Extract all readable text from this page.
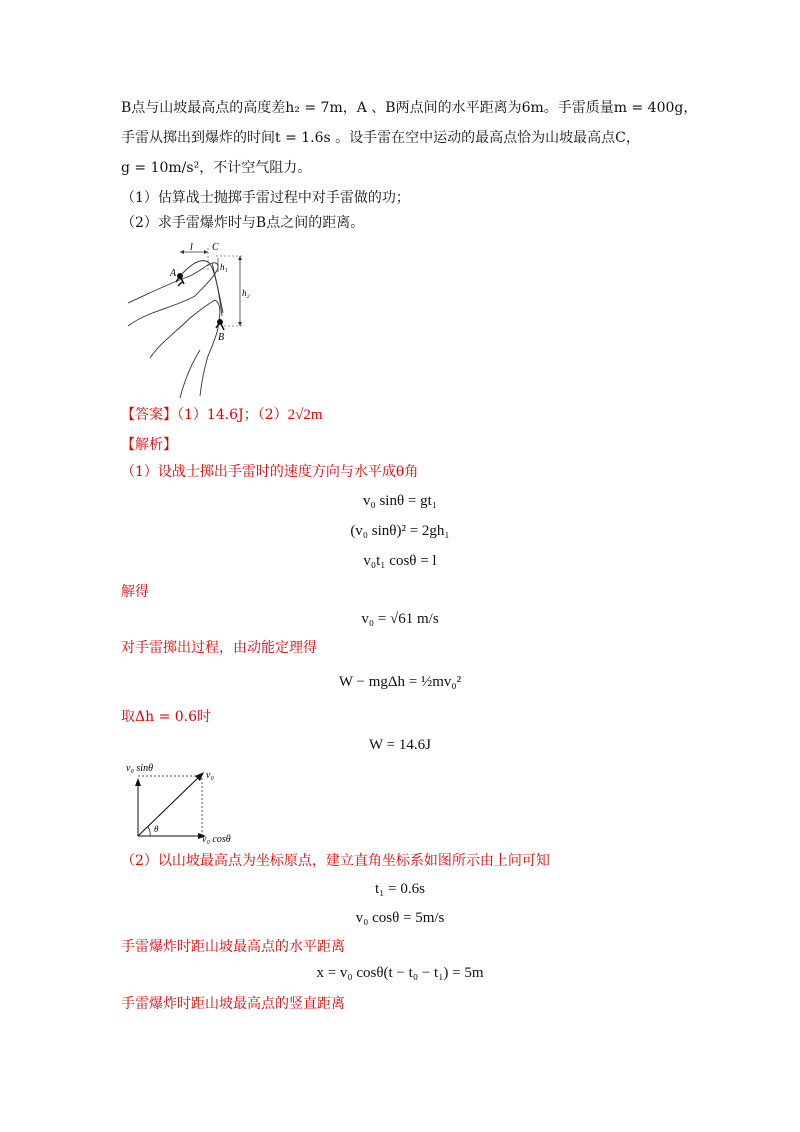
B点与山坡最高点的高度差h₂ = 7m，A 、B两点间的水平距离为6m。手雷质量m = 400g，
手雷从掷出到爆炸的时间t = 1.6s 。设手雷在空中运动的最高点恰为山坡最高点C，
g = 10m/s²，不计空气阻力。
（1）估算战士抛掷手雷过程中对手雷做的功；
（2）求手雷爆炸时与B点之间的距离。
l C
A
h₁
h₂
B
【答案】（1）14.6J；（2）2√2m
【解析】
（1）设战士掷出手雷时的速度方向与水平成θ角
v₀ sinθ = gt₁
(v₀ sinθ)² = 2gh₁
v₀t₁ cosθ = l
解得
v₀ = √61 m/s
对手雷掷出过程，由动能定理得
W − mgΔh = ½mv₀²
取Δh = 0.6时
W = 14.6J
v₀ sinθ
v₀
θ
v₀ cosθ
（2）以山坡最高点为坐标原点，建立直角坐标系如图所示由上问可知
t₁ = 0.6s
v₀ cosθ = 5m/s
手雷爆炸时距山坡最高点的水平距离
x = v₀ cosθ(t − t₀ − t₁) = 5m
手雷爆炸时距山坡最高点的竖直距离
